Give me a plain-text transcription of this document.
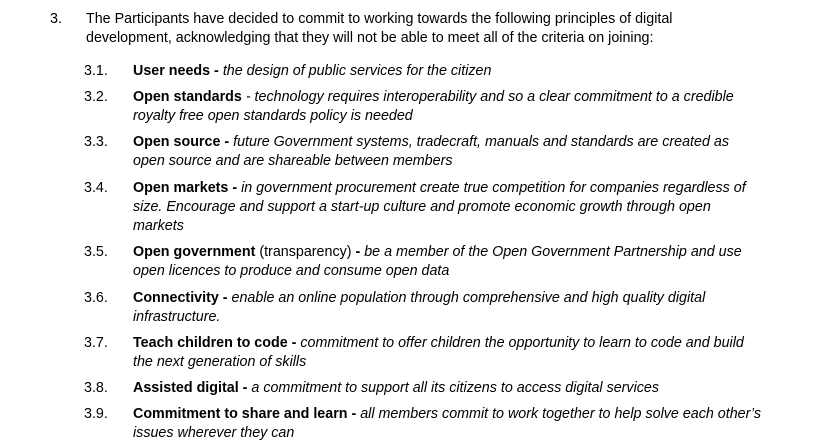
3. The Participants have decided to commit to working towards the following principles of digital
development, acknowledging that they will not be able to meet all of the criteria on joining:
3.1. User needs - the design of public services for the citizen
3.2. Open standards - technology requires interoperability and so a clear commitment to a credible
royalty free open standards policy is needed
3.3. Open source - future Government systems, tradecraft, manuals and standards are created as
open source and are shareable between members
3.4. Open markets - in government procurement create true competition for companies regardless of
size. Encourage and support a start-up culture and promote economic growth through open
markets
3.5. Open government (transparency) - be a member of the Open Government Partnership and use
open licences to produce and consume open data
3.6. Connectivity - enable an online population through comprehensive and high quality digital
infrastructure.
3.7. Teach children to code - commitment to offer children the opportunity to learn to code and build
the next generation of skills
3.8. Assisted digital - a commitment to support all its citizens to access digital services
3.9. Commitment to share and learn - all members commit to work together to help solve each other’s
issues wherever they can
